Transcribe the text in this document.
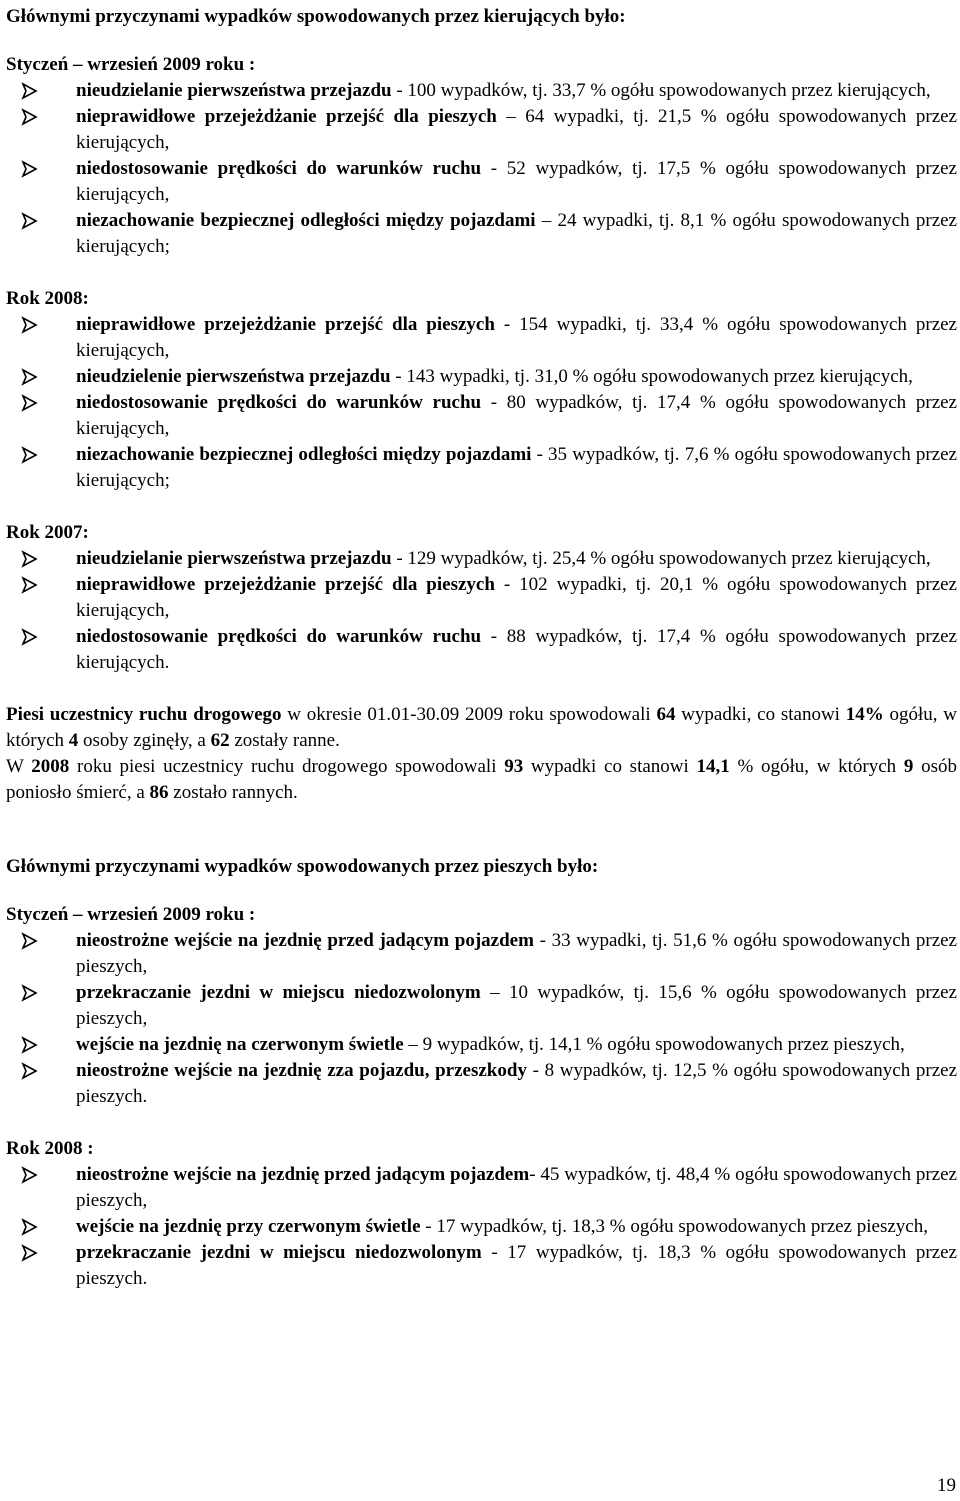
Głównymi przyczynami wypadków spowodowanych przez kierujących było:

Styczeń – wrzesień 2009 roku :

nieudzielanie pierwszeństwa przejazdu - 100 wypadków, tj. 33,7 % ogółu spowodowanych przez kierujących,
nieprawidłowe przejeżdżanie przejść dla pieszych – 64 wypadki, tj. 21,5 % ogółu spowodowanych przez kierujących,
niedostosowanie prędkości do warunków ruchu - 52 wypadków, tj. 17,5 % ogółu spowodowanych przez kierujących,
niezachowanie bezpiecznej odległości między pojazdami – 24 wypadki, tj. 8,1 % ogółu spowodowanych przez kierujących;

Rok 2008:

nieprawidłowe przejeżdżanie przejść dla pieszych - 154 wypadki, tj. 33,4 % ogółu spowodowanych przez kierujących,
nieudzielenie pierwszeństwa przejazdu - 143 wypadki, tj. 31,0 % ogółu spowodowanych przez kierujących,
niedostosowanie prędkości do warunków ruchu - 80 wypadków, tj. 17,4 % ogółu spowodowanych przez kierujących,
niezachowanie bezpiecznej odległości między pojazdami - 35 wypadków, tj. 7,6 % ogółu spowodowanych przez kierujących;

Rok 2007:

nieudzielanie pierwszeństwa przejazdu - 129 wypadków, tj. 25,4 % ogółu spowodowanych przez kierujących,
nieprawidłowe przejeżdżanie przejść dla pieszych - 102 wypadki, tj. 20,1 % ogółu spowodowanych przez kierujących,
niedostosowanie prędkości do warunków ruchu - 88 wypadków, tj. 17,4 % ogółu spowodowanych przez kierujących.

Piesi uczestnicy ruchu drogowego w okresie 01.01-30.09 2009 roku spowodowali 64 wypadki, co stanowi 14% ogółu, w których 4 osoby zginęły, a 62 zostały ranne.

W 2008 roku piesi uczestnicy ruchu drogowego spowodowali 93 wypadki co stanowi 14,1 % ogółu, w których 9 osób poniosło śmierć, a 86 zostało rannych.

Głównymi przyczynami wypadków spowodowanych przez pieszych było:

Styczeń – wrzesień 2009 roku :

nieostrożne wejście na jezdnię przed jadącym pojazdem - 33 wypadki, tj. 51,6 % ogółu spowodowanych przez pieszych,
przekraczanie jezdni w miejscu niedozwolonym – 10 wypadków, tj. 15,6 % ogółu spowodowanych przez pieszych,
wejście na jezdnię na czerwonym świetle – 9 wypadków, tj. 14,1 % ogółu spowodowanych przez pieszych,
nieostrożne wejście na jezdnię zza pojazdu, przeszkody - 8 wypadków, tj. 12,5 % ogółu spowodowanych przez pieszych.

Rok 2008 :

nieostrożne wejście na jezdnię przed jadącym pojazdem- 45 wypadków, tj. 48,4 % ogółu spowodowanych przez pieszych,
wejście na jezdnię przy czerwonym świetle - 17 wypadków, tj. 18,3 % ogółu spowodowanych przez pieszych,
przekraczanie jezdni w miejscu niedozwolonym - 17 wypadków, tj. 18,3 % ogółu spowodowanych przez pieszych.
19
